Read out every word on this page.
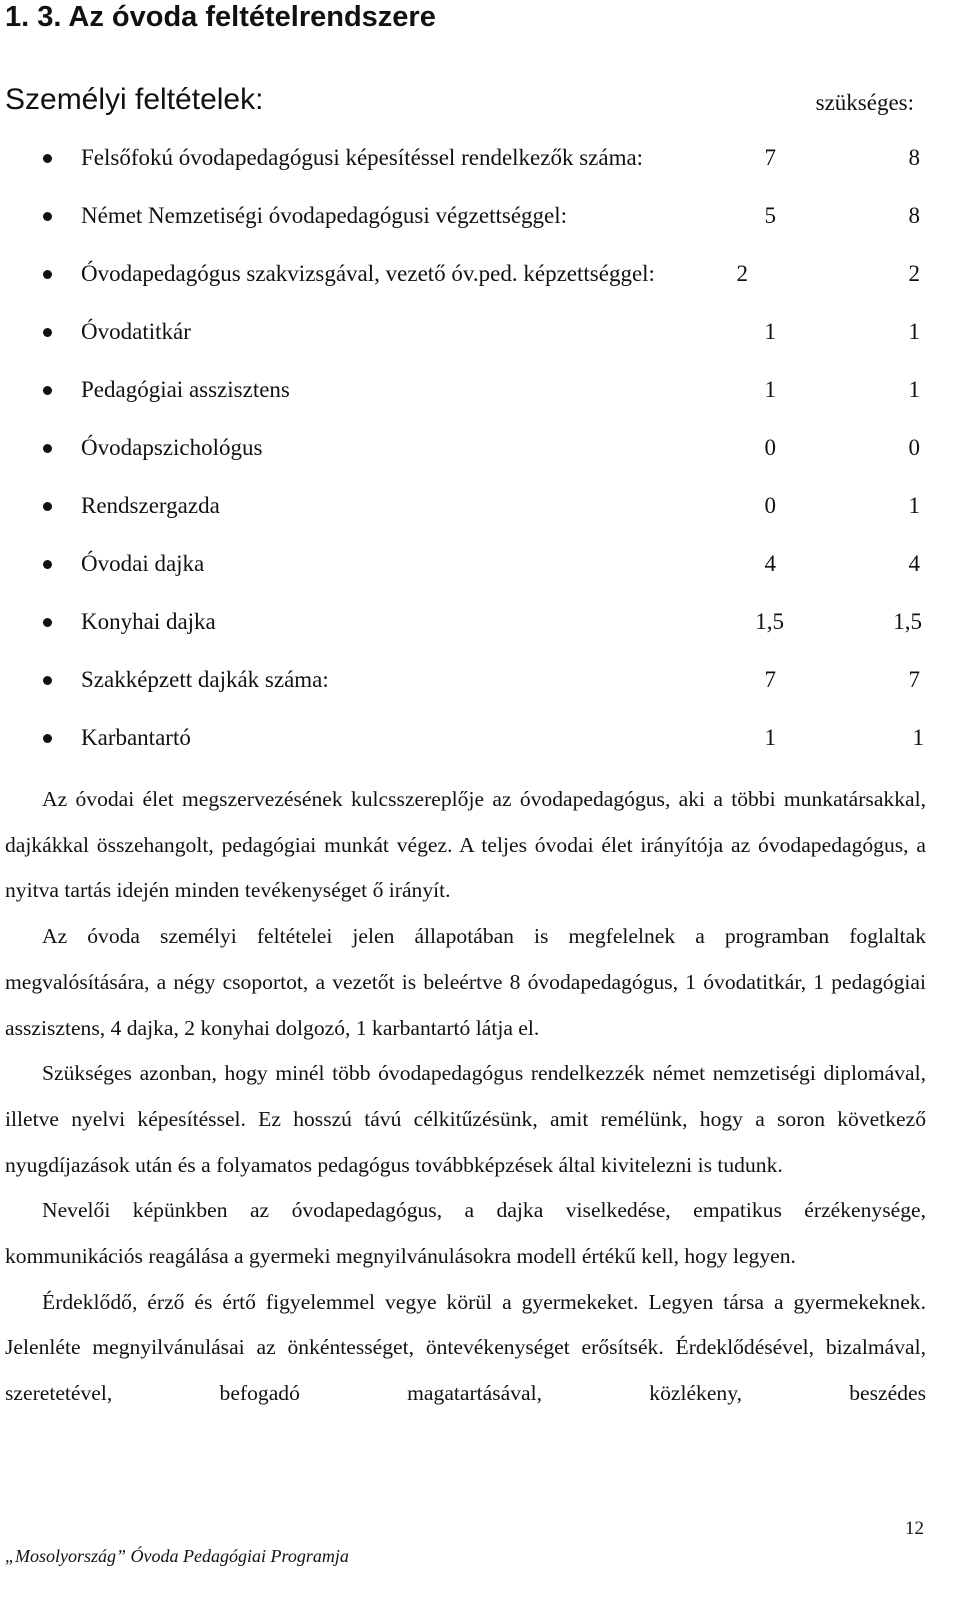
1. 3. Az óvoda feltételrendszere
Személyi feltételek:	szükséges:
Felsőfokú óvodapedagógusi képesítéssel rendelkezők száma:	7	8
Német Nemzetiségi óvodapedagógusi végzettséggel:	5	8
Óvodapedagógus szakvizsgával, vezető óv.ped. képzettséggel:	2	2
Óvodatitkár	1	1
Pedagógiai asszisztens	1	1
Óvodapszichológus	0	0
Rendszergazda	0	1
Óvodai dajka	4	4
Konyhai dajka	1,5	1,5
Szakképzett dajkák száma:	7	7
Karbantartó	1	1

Az óvodai élet megszervezésének kulcsszereplője az óvodapedagógus, aki a többi munkatársakkal, dajkákkal összehangolt, pedagógiai munkát végez. A teljes óvodai élet irányítója az óvodapedagógus, a nyitva tartás idején minden tevékenységet ő irányít.

Az óvoda személyi feltételei jelen állapotában is megfelelnek a programban foglaltak megvalósítására, a négy csoportot, a vezetőt is beleértve 8 óvodapedagógus, 1 óvodatitkár, 1 pedagógiai asszisztens, 4 dajka, 2 konyhai dolgozó, 1 karbantartó látja el.

Szükséges azonban, hogy minél több óvodapedagógus rendelkezzék német nemzetiségi diplomával, illetve nyelvi képesítéssel. Ez hosszú távú célkitűzésünk, amit remélünk, hogy a soron következő nyugdíjazások után és a folyamatos pedagógus továbbképzések által kivitelezni is tudunk.

Nevelői képünkben az óvodapedagógus, a dajka viselkedése, empatikus érzékenysége, kommunikációs reagálása a gyermeki megnyilvánulásokra modell értékű kell, hogy legyen.

Érdeklődő, érző és értő figyelemmel vegye körül a gyermekeket. Legyen társa a gyermekeknek. Jelenléte megnyilvánulásai az önkéntességet, öntevékenységet erősítsék. Érdeklődésével, bizalmával, szeretetével, befogadó magatartásával, közlékeny, beszédes

12
„Mosolyország” Óvoda Pedagógiai Programja
